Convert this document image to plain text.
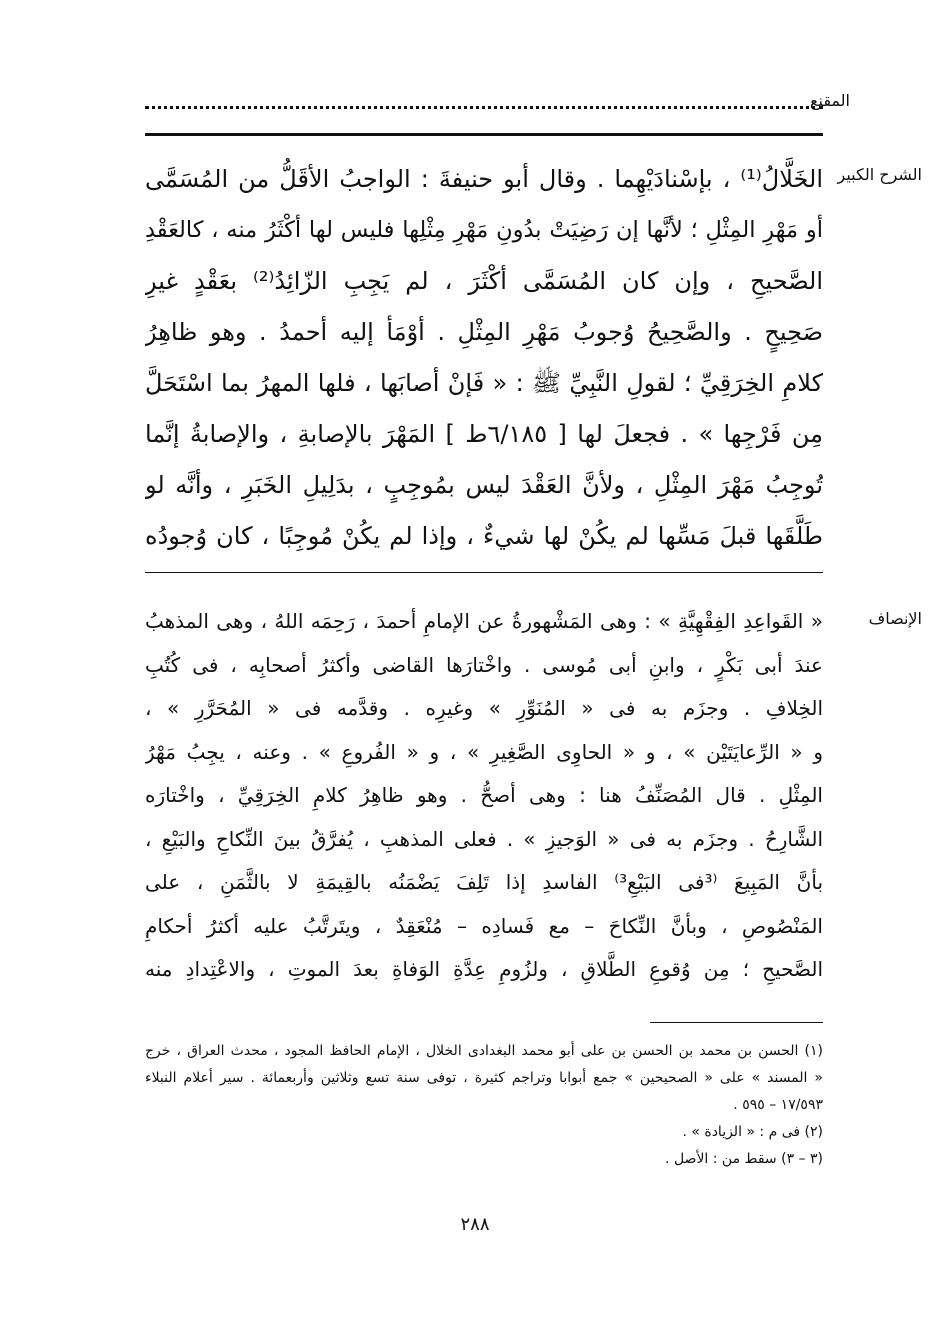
المقنع
الشرح الكبير
الخَلَّالُ⁽¹⁾ ، بإسْنادَيْهِما . وقال أبو حنيفةَ : الواجبُ الأقَلُّ من المُسَمَّى
أو مَهْرِ المِثْلِ ؛ لأنَّها إن رَضِيَتْ بدُونِ مَهْرِ مِثْلِها فليس لها أكْثَرُ منه ، كالعَقْدِ
الصَّحيحِ ، وإن كان المُسَمَّى أكْثَرَ ، لم يَجِبِ الزّائِدُ⁽²⁾ بعَقْدٍ غيرِ
صَحِيحٍ . والصَّحِيحُ وُجوبُ مَهْرِ المِثْلِ . أوْمَأ إليه أحمدُ . وهو ظاهِرُ
كلامِ الخِرَقِيِّ ؛ لقولِ النَّبِيِّ ﷺ : « فَإنْ أصابَها ، فلها المهرُ بما اسْتَحَلَّ
مِن فَرْجِها » . فجعلَ لها [ ٦/١٨٥ط ] المَهْرَ بالإصابةِ ، والإصابةُ إنَّما
تُوجِبُ مَهْرَ المِثْلِ ، ولأنَّ العَقْدَ ليس بمُوجِبٍ ، بدَلِيلِ الخَبَرِ ، وأنَّه لو
طَلَّقَها قبلَ مَسِّها لم يكُنْ لها شيءٌ ، وإذا لم يكُنْ مُوجِبًا ، كان وُجودُه
الإنصاف
« القَواعِدِ الفِقْهِيَّةِ » : وهى المَشْهورةُ عن الإمامِ أحمدَ ، رَحِمَه اللهُ ، وهى المذهبُ
عندَ أبى بَكْرٍ ، وابنِ أبى مُوسى . واخْتارَها القاضى وأكثرُ أصحابِه ، فى كُتُبِ
الخِلافِ . وجزَم به فى « المُنَوِّرِ » وغيرِه . وقدَّمه فى « المُحَرَّرِ » ،
و « الرِّعايَتَيْن » ، و « الحاوِى الصَّغِيرِ » ، و « الفُروعِ » . وعنه ، يجِبُ مَهْرُ
المِثْلِ . قال المُصَنِّفُ هنا : وهى أصحُّ . وهو ظاهِرُ كلامِ الخِرَقِيِّ ، واخْتارَه
الشَّارِحُ . وجزَم به فى « الوَجيزِ » . فعلى المذهبِ ، يُفرَّقُ بينَ النِّكاحِ والبَيْعِ ،
بأنَّ المَبِيعَ ⁽³فى البَيْعِ³⁾ الفاسدِ إذا تَلِفَ يَضْمَنُه بالقِيمَةِ لا بالثَّمَنِ ، على
المَنْصُوصِ ، وبأنَّ النِّكاحَ – مع فَسادِه – مُنْعَقِدٌ ، ويتَرتَّبُ عليه أكثرُ أحكامِ
الصَّحيحِ ؛ مِن وُقوعِ الطَّلاقِ ، ولزُومِ عِدَّةِ الوَفاةِ بعدَ الموتِ ، والاعْتِدادِ منه
(١) الحسن بن محمد بن الحسن بن على أبو محمد البغدادى الخلال ، الإمام الحافظ المجود ، محدث العراق ، خرج
« المسند » على « الصحيحين » جمع أبوابا وتراجم كثيرة ، توفى سنة تسع وثلاثين وأربعمائة . سير أعلام النبلاء
١٧/٥٩٣ – ٥٩٥ .
(٢) فى م : « الزيادة » .
(٣ – ٣) سقط من : الأصل .
٢٨٨
